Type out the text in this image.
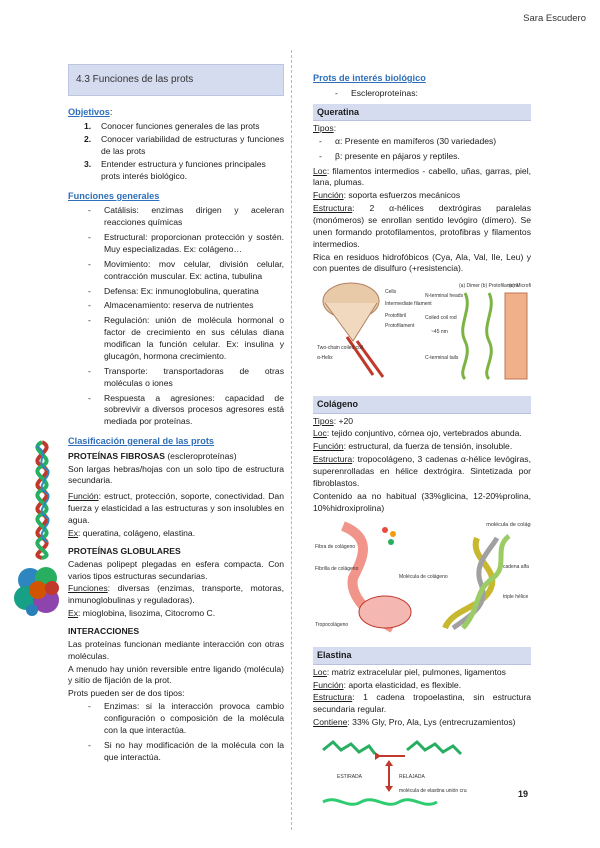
Sara Escudero
4.3 Funciones de las prots
Objetivos:
1.	Conocer funciones generales de las prots
2.	Conocer variabilidad de estructuras y funciones de las prots
3.	Entender estructura y funciones principales prots interés biológico.
Funciones generales
- Catálisis: enzimas dirigen y aceleran reacciones químicas
- Estructural: proporcionan protección y sostén. Muy especializadas. Ex: colágeno…
- Movimiento: mov celular, división celular, contracción muscular. Ex: actina, tubulina
- Defensa: Ex: inmunoglobulina, queratina
- Almacenamiento: reserva de nutrientes
- Regulación: unión de molécula hormonal o factor de crecimiento en sus células diana modifican la función celular. Ex: insulina y glucagón, hormona crecimiento.
- Transporte: transportadoras de otras moléculas o iones
- Respuesta a agresiones: capacidad de sobrevivir a diversos procesos agresores está mediada por proteínas.
Clasificación general de las prots

PROTEÍNAS FIBROSAS (escleroproteínas)

Son largas hebras/hojas con un solo tipo de estructura secundaria.

Función: estruct, protección, soporte, conectividad. Dan fuerza y elasticidad a las estructuras y son insolubles en agua.

Ex: queratina, colágeno, elastina.

PROTEÍNAS GLOBULARES

Cadenas polipept plegadas en esfera compacta. Con varios tipos estructuras secundarias.

Funciones: diversas (enzimas, transporte, motoras, inmunoglobulinas y reguladoras).

Ex: mioglobina, lisozima, Citocromo C.

INTERACCIONES

Las proteínas funcionan mediante interacción con otras moléculas.

A menudo hay unión reversible entre ligando (molécula) y sitio de fijación de la prot.

Prots pueden ser de dos tipos:

- Enzimas: si la interacción provoca cambio configuración o composición de la molécula con la que interactúa.
- Si no hay modificación de la molécula con la que interactúa.
Prots de interés biológico
- Escleroproteínas:
Queratina

Tipos:

- α: Presente en mamíferos (30 variedades)
- β: presente en pájaros y reptiles.

Loc: filamentos intermedios - cabello, uñas, garras, piel, lana, plumas.

Función: soporta esfuerzos mecánicos

Estructura: 2 α-hélices dextrógiras paralelas (monómeros) se enrollan sentido levógiro (dímero). Se unen formando protofilamentos, protofibras y filamentos intermedios.

Rica en residuos hidrofóbicos (Cya, Ala, Val, Ile, Leu) y con puentes de disulfuro (+resistencia).

Cells
Intermediate filament
Protofibril
Protofilament
Two-chain coiled coil
α-Helix
N-terminal heads
Coiled coil rod
~45 nm
C-terminal tails
(a) Dimer (b) Protofilament
(c) Microf
Colágeno

Tipos: +20

Loc: tejido conjuntivo, córnea ojo, vertebrados abunda.

Función: estructural, da fuerza de tensión, insoluble.

Estructura: tropocolágeno, 3 cadenas α-hélice levógiras, superenrolladas en hélice dextrógira. Sintetizada por fibroblastos.

Contenido aa no habitual (33%glicina, 12-20%prolina, 10%hidroxiprolina)

Fibra de colágeno
Fibrilla de colágeno
Molécula de colágeno
Tropocolágeno
molécula de colág
cadena alfa
triple hélice
Elastina

Loc: matriz extracelular piel, pulmones, ligamentos

Función: aporta elasticidad, es flexible.

Estructura: 1 cadena tropoelastina, sin estructura secundaria regular.

Contiene: 33% Gly, Pro, Ala, Lys (entrecruzamientos)

ESTIRADA	RELAJADA
molécula de elastina unión cru	19
